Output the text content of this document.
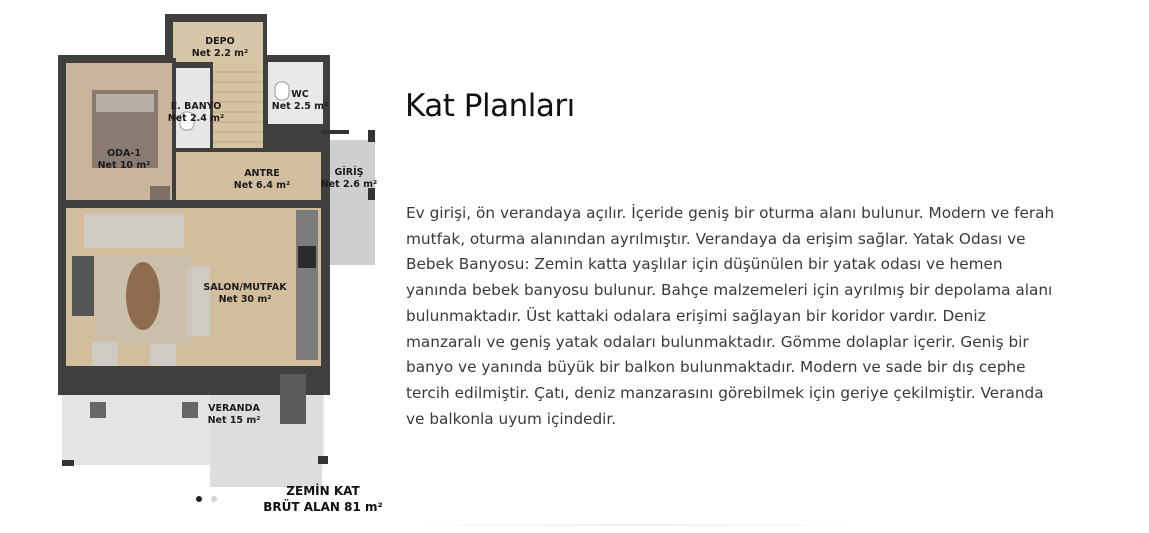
DEPO
Net 2.2 m²
E. BANYO
Net 2.4 m²
WC
Net 2.5 m²
ODA-1
Net 10 m²
ANTRE
Net 6.4 m²
GİRİŞ
Net 2.6 m²
SALON/MUTFAK
Net 30 m²
VERANDA
Net 15 m²
ZEMİN KAT
BRÜT ALAN 81 m²
Kat Planları

Ev girişi, ön verandaya açılır. İçeride geniş bir oturma alanı bulunur. Modern ve ferah mutfak, oturma alanından ayrılmıştır. Verandaya da erişim sağlar. Yatak Odası ve Bebek Banyosu: Zemin katta yaşlılar için düşünülen bir yatak odası ve hemen yanında bebek banyosu bulunur. Bahçe malzemeleri için ayrılmış bir depolama alanı bulunmaktadır. Üst kattaki odalara erişimi sağlayan bir koridor vardır. Deniz manzaralı ve geniş yatak odaları bulunmaktadır. Gömme dolaplar içerir. Geniş bir banyo ve yanında büyük bir balkon bulunmaktadır. Modern ve sade bir dış cephe tercih edilmiştir. Çatı, deniz manzarasını görebilmek için geriye çekilmiştir. Veranda ve balkonla uyum içindedir.
